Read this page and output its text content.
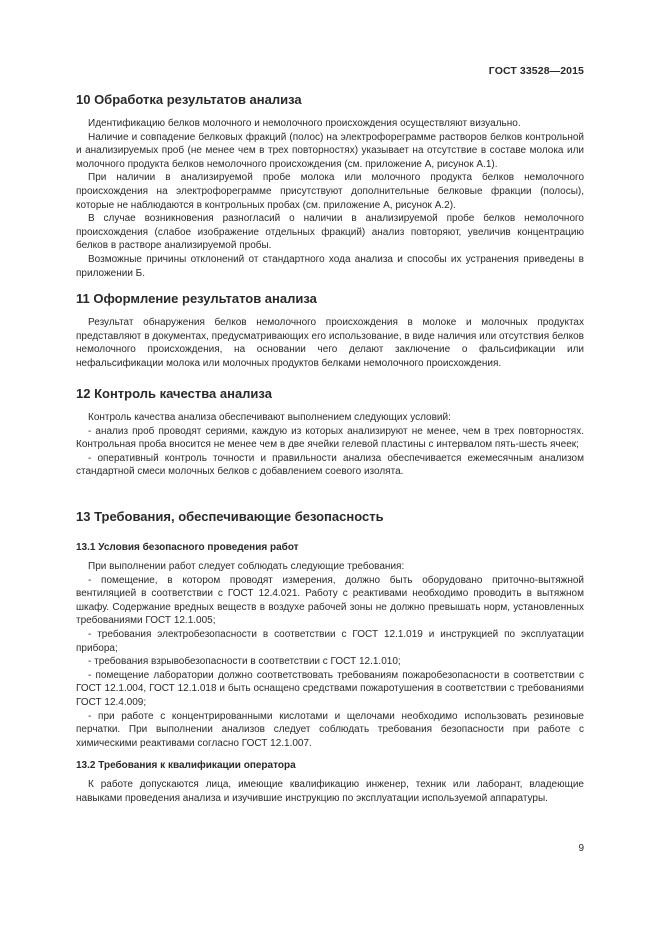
ГОСТ 33528—2015
10 Обработка результатов анализа

Идентификацию белков молочного и немолочного происхождения осуществляют визуально.

Наличие и совпадение белковых фракций (полос) на электрофореграмме растворов белков контрольной и анализируемых проб (не менее чем в трех повторностях) указывает на отсутствие в составе молока или молочного продукта белков немолочного происхождения (см. приложение А, рисунок А.1).

При наличии в анализируемой пробе молока или молочного продукта белков немолочного происхождения на электрофореграмме присутствуют дополнительные белковые фракции (полосы), которые не наблюдаются в контрольных пробах (см. приложение А, рисунок А.2).

В случае возникновения разногласий о наличии в анализируемой пробе белков немолочного происхождения (слабое изображение отдельных фракций) анализ повторяют, увеличив концентрацию белков в растворе анализируемой пробы.

Возможные причины отклонений от стандартного хода анализа и способы их устранения приведены в приложении Б.

11 Оформление результатов анализа

Результат обнаружения белков немолочного происхождения в молоке и молочных продуктах представляют в документах, предусматривающих его использование, в виде наличия или отсутствия белков немолочного происхождения, на основании чего делают заключение о фальсификации или нефальсификации молока или молочных продуктов белками немолочного происхождения.

12 Контроль качества анализа

Контроль качества анализа обеспечивают выполнением следующих условий:

- анализ проб проводят сериями, каждую из которых анализируют не менее, чем в трех повторностях. Контрольная проба вносится не менее чем в две ячейки гелевой пластины с интервалом пять-шесть ячеек;

- оперативный контроль точности и правильности анализа обеспечивается ежемесячным анализом стандартной смеси молочных белков с добавлением соевого изолята.

13 Требования, обеспечивающие безопасность
13.1 Условия безопасного проведения работ

При выполнении работ следует соблюдать следующие требования:

- помещение, в котором проводят измерения, должно быть оборудовано приточно-вытяжной вентиляцией в соответствии с ГОСТ 12.4.021. Работу с реактивами необходимо проводить в вытяжном шкафу. Содержание вредных веществ в воздухе рабочей зоны не должно превышать норм, установленных требованиями ГОСТ 12.1.005;

- требования электробезопасности в соответствии с ГОСТ 12.1.019 и инструкцией по эксплуатации прибора;

- требования взрывобезопасности в соответствии с ГОСТ 12.1.010;

- помещение лаборатории должно соответствовать требованиям пожаробезопасности в соответствии с ГОСТ 12.1.004, ГОСТ 12.1.018 и быть оснащено средствами пожаротушения в соответствии с требованиями ГОСТ 12.4.009;

- при работе с концентрированными кислотами и щелочами необходимо использовать резиновые перчатки. При выполнении анализов следует соблюдать требования безопасности при работе с химическими реактивами согласно ГОСТ 12.1.007.

13.2 Требования к квалификации оператора

К работе допускаются лица, имеющие квалификацию инженер, техник или лаборант, владеющие навыками проведения анализа и изучившие инструкцию по эксплуатации используемой аппаратуры.

9
